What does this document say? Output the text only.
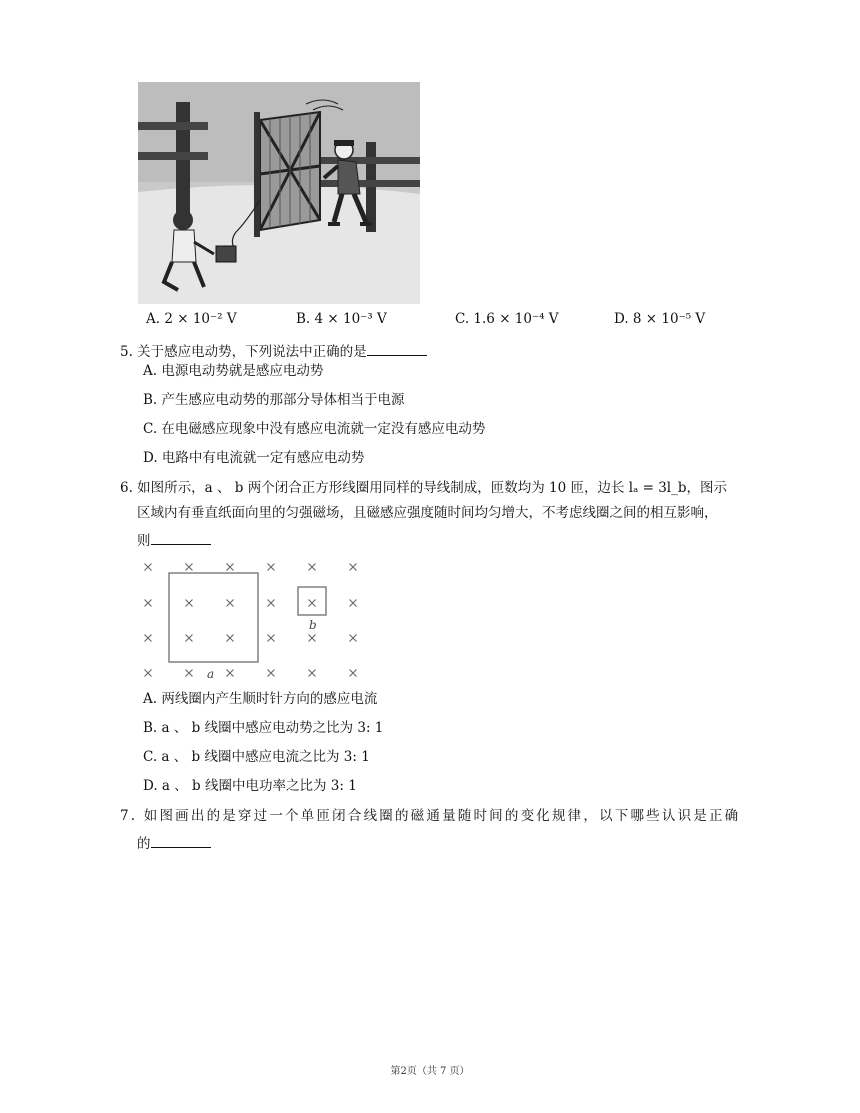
A. 2 × 10⁻² V	B. 4 × 10⁻³ V	C. 1.6 × 10⁻⁴ V	D. 8 × 10⁻⁵ V
5. 关于感应电动势，下列说法中正确的是
A. 电源电动势就是感应电动势
B. 产生感应电动势的那部分导体相当于电源
C. 在电磁感应现象中没有感应电流就一定没有感应电动势
D. 电路中有电流就一定有感应电动势
6. 如图所示，a 、 b 两个闭合正方形线圈用同样的导线制成，匝数均为 10 匝，边长 lₐ = 3l_b，图示
区域内有垂直纸面向里的匀强磁场，且磁感应强度随时间均匀增大，不考虑线圈之间的相互影响，
则
a
b
A. 两线圈内产生顺时针方向的感应电流
B. a 、 b 线圈中感应电动势之比为 3: 1
C. a 、 b 线圈中感应电流之比为 3: 1
D. a 、 b 线圈中电功率之比为 3: 1
7. 如图画出的是穿过一个单匝闭合线圈的磁通量随时间的变化规律，以下哪些认识是正确
的
第2页（共 7 页）
